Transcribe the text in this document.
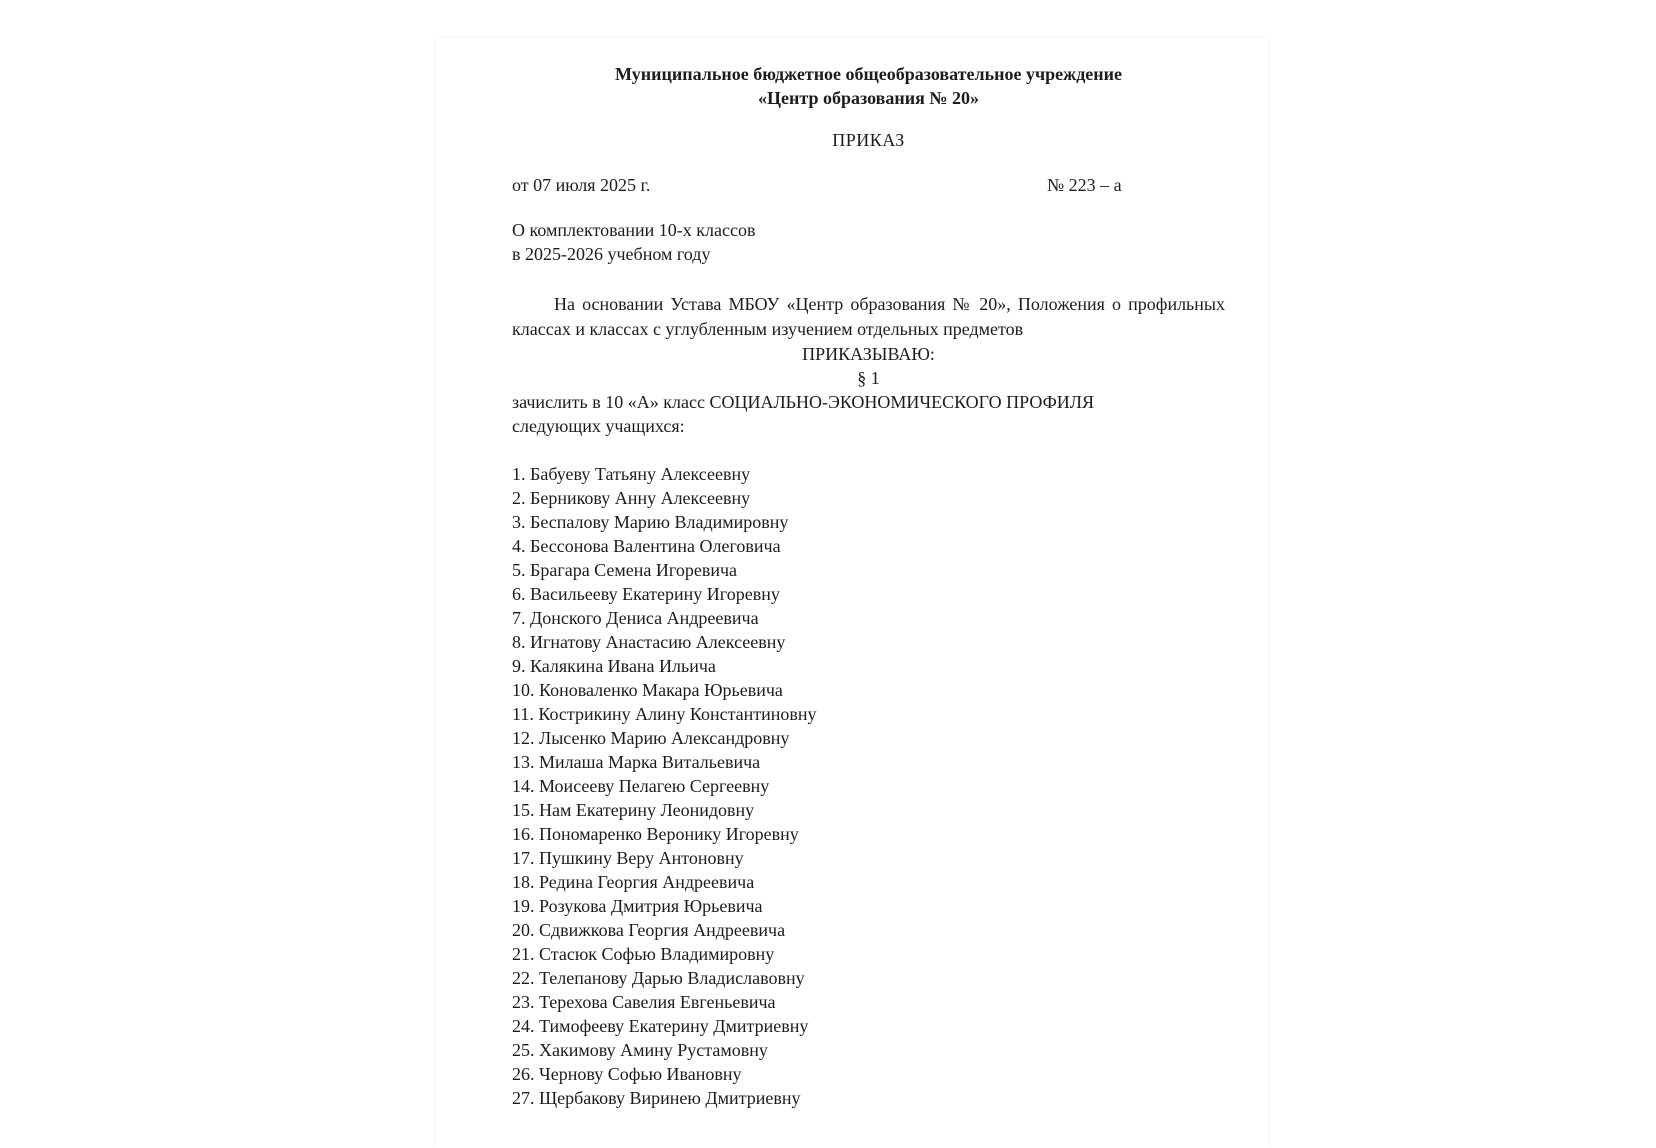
Муниципальное бюджетное общеобразовательное учреждение
«Центр образования № 20»
ПРИКАЗ
от 07 июля 2025 г.	№ 223 – а
О комплектовании 10-х классов
в 2025-2026 учебном году
На основании Устава МБОУ «Центр образования № 20», Положения о профильных классах и классах с углубленным изучением отдельных предметов
ПРИКАЗЫВАЮ:
§ 1
зачислить в 10 «А» класс СОЦИАЛЬНО-ЭКОНОМИЧЕСКОГО ПРОФИЛЯ
следующих учащихся:
1. Бабуеву Татьяну Алексеевну
2. Берникову Анну Алексеевну
3. Беспалову Марию Владимировну
4. Бессонова Валентина Олеговича
5. Брагара Семена Игоревича
6. Васильееву Екатерину Игоревну
7. Донского Дениса Андреевича
8. Игнатову Анастасию Алексеевну
9. Калякина Ивана Ильича
10. Коноваленко Макара Юрьевича
11. Кострикину Алину Константиновну
12. Лысенко Марию Александровну
13. Милаша Марка Витальевича
14. Моисееву Пелагею Сергеевну
15. Нам Екатерину Леонидовну
16. Пономаренко Веронику Игоревну
17. Пушкину Веру Антоновну
18. Редина Георгия Андреевича
19. Розукова Дмитрия Юрьевича
20. Сдвижкова Георгия Андреевича
21. Стасюк Софью Владимировну
22. Телепанову Дарью Владиславовну
23. Терехова Савелия Евгеньевича
24. Тимофееву Екатерину Дмитриевну
25. Хакимову Амину Рустамовну
26. Чернову Софью Ивановну
27. Щербакову Виринею Дмитриевну
